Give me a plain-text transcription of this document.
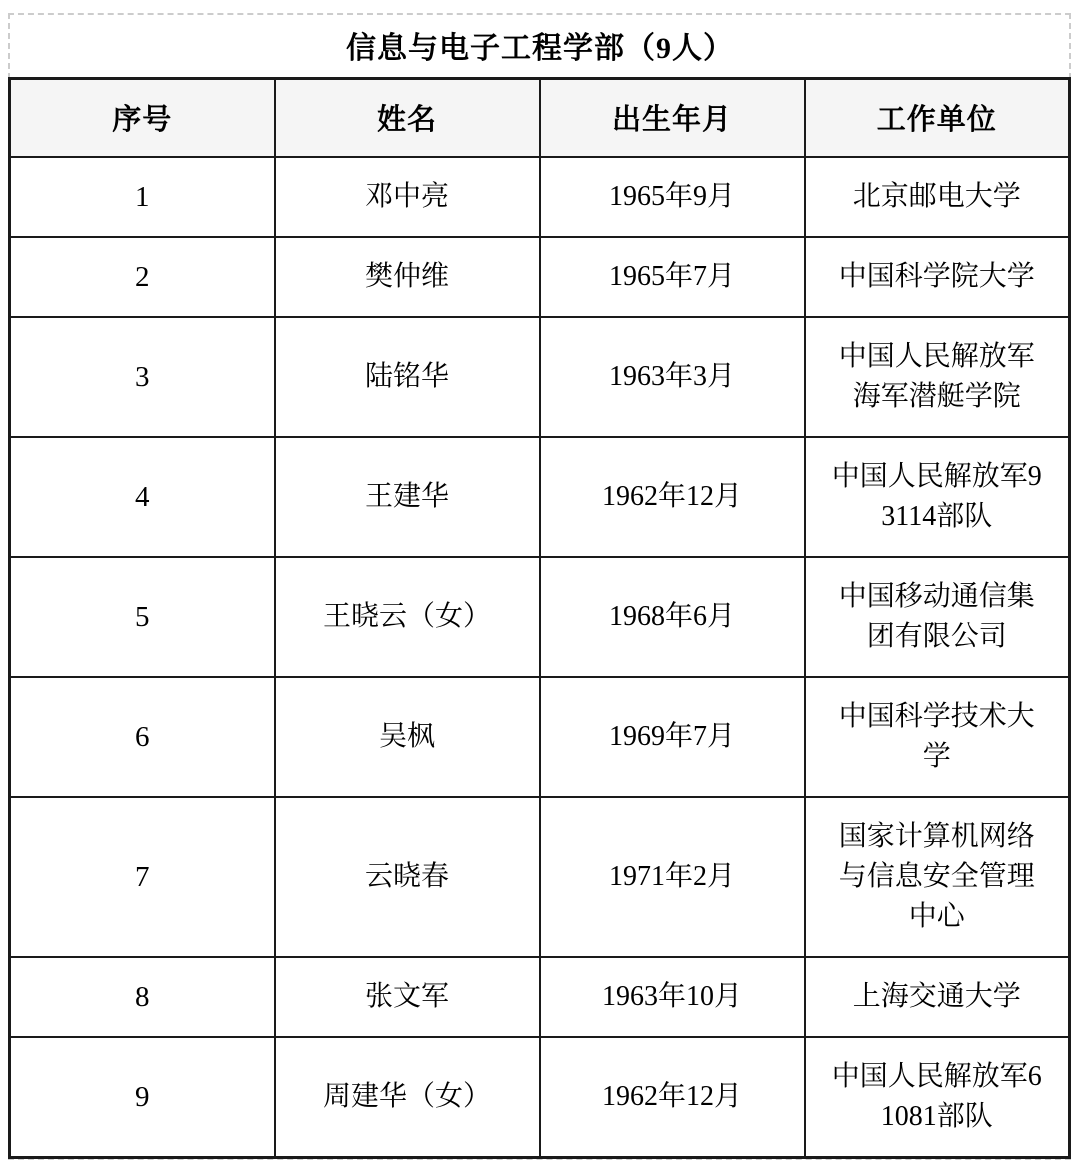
信息与电子工程学部（9人）
序号	姓名	出生年月	工作单位
1	邓中亮	1965年9月	北京邮电大学
2	樊仲维	1965年7月	中国科学院大学
3	陆铭华	1963年3月	中国人民解放军海军潜艇学院
4	王建华	1962年12月	中国人民解放军93114部队
5	王晓云（女）	1968年6月	中国移动通信集团有限公司
6	吴枫	1969年7月	中国科学技术大学
7	云晓春	1971年2月	国家计算机网络与信息安全管理中心
8	张文军	1963年10月	上海交通大学
9	周建华（女）	1962年12月	中国人民解放军61081部队
